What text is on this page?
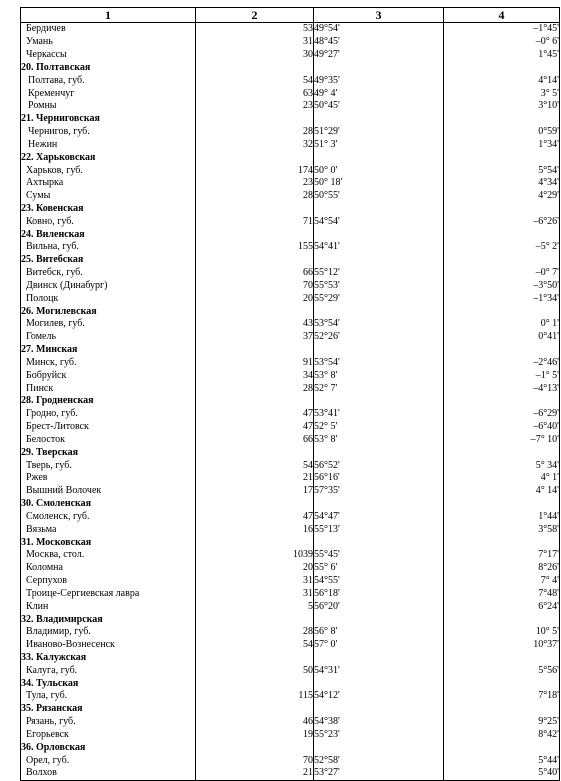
1	2	3	4
Бердичев	53	49°54'	–1°45'
Умань	31	48°45'	–0° 6'
Черкассы	30	49°27'	1°45'
20. Полтавская			
Полтава, губ.	54	49°35'	4°14'
Кременчуг	63	49° 4'	3° 5'
Ромны	23	50°45'	3°10'
21. Черниговская			
Чернигов, губ.	28	51°29'	0°59'
Нежин	32	51° 3'	1°34'
22. Харьковская			
Харьков, губ.	174	50° 0'	5°54'
Ахтырка	23	50° 18'	4°34'
Сумы	28	50°55'	4°29'
23. Ковенская			
Ковно, губ.	71	54°54'	–6°26'
24. Виленская			
Вильна, губ.	155	54°41'	–5° 2'
25. Витебская			
Витебск, губ.	66	55°12'	–0° 7'
Двинск (Динабург)	70	55°53'	–3°50'
Полоцк	20	55°29'	–1°34'
26. Могилевская			
Могилев, губ.	43	53°54'	0° 1'
Гомель	37	52°26'	0°41'
27. Минская			
Минск, губ.	91	53°54'	–2°46'
Бобруйск	34	53° 8'	–1° 5'
Пинск	28	52° 7'	–4°13'
28. Гродненская			
Гродно, губ.	47	53°41'	–6°29'
Брест-Литовск	47	52° 5'	–6°40'
Белосток	66	53° 8'	–7° 10'
29. Тверская			
Тверь, губ.	54	56°52'	5° 34'
Ржев	21	56°16'	4° 1'
Вышний Волочек	17	57°35'	4° 14'
30. Смоленская			
Смоленск, губ.	47	54°47'	1°44'
Вязьма	16	55°13'	3°58'
31. Московская			
Москва, стол.	1039	55°45'	7°17'
Коломна	20	55° 6'	8°26'
Серпухов	31	54°55'	7° 4'
Троице-Сергиевская лавра	31	56°18'	7°48'
Клин	5	56°20'	6°24'
32. Владимирская			
Владимир, губ.	28	56° 8'	10° 5'
Иваново-Вознесенск	54	57° 0'	10°37'
33. Калужская			
Калуга, губ.	50	54°31'	5°56'
34. Тульская			
Тула, губ.	115	54°12'	7°18'
35. Рязанская			
Рязань, губ.	46	54°38'	9°25'
Егорьевск	19	55°23'	8°42'
36. Орловская			
Орел, губ.	70	52°58'	5°44'
Волхов	21	53°27'	5°40'
